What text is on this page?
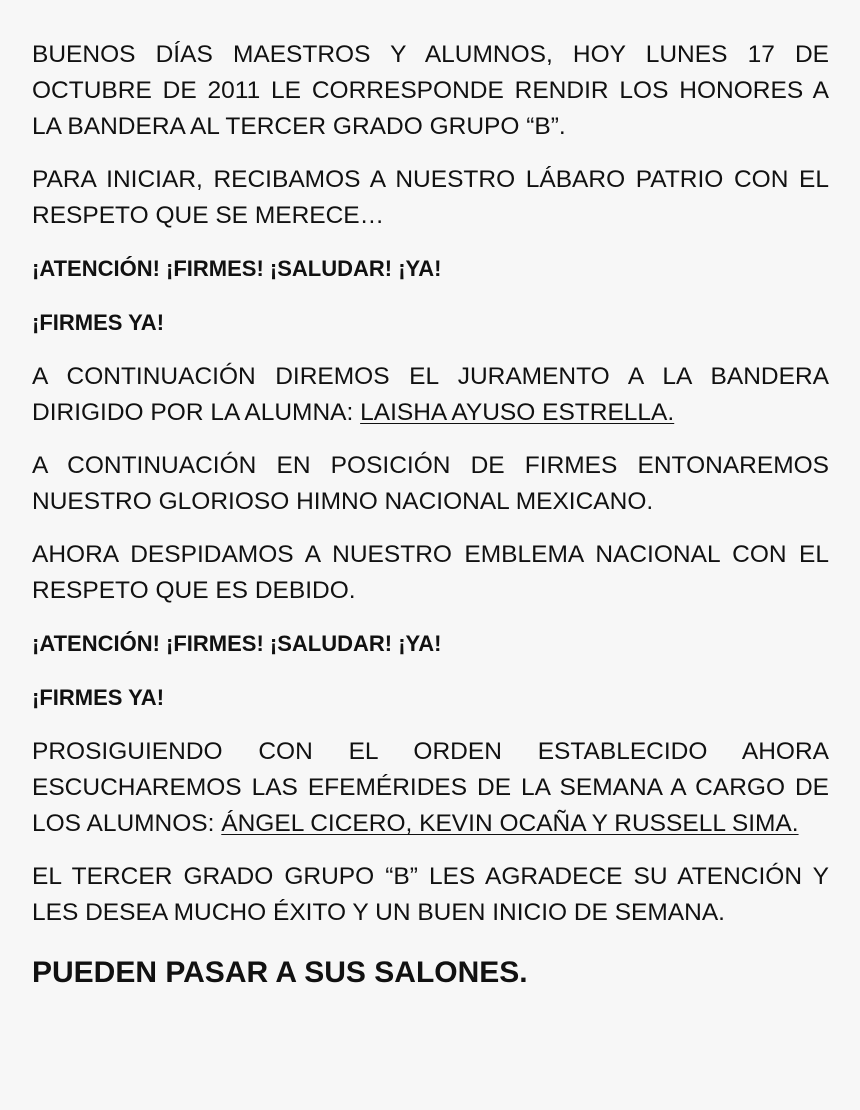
BUENOS DÍAS MAESTROS Y ALUMNOS, HOY LUNES 17 DE OCTUBRE DE 2011 LE CORRESPONDE RENDIR LOS HONORES A LA BANDERA AL TERCER GRADO GRUPO “B”.

PARA INICIAR, RECIBAMOS A NUESTRO LÁBARO PATRIO CON EL RESPETO QUE SE MERECE…

¡ATENCIÓN! ¡FIRMES! ¡SALUDAR! ¡YA!

¡FIRMES YA!

A CONTINUACIÓN DIREMOS EL JURAMENTO A LA BANDERA DIRIGIDO POR LA ALUMNA: LAISHA AYUSO ESTRELLA.

A CONTINUACIÓN EN POSICIÓN DE FIRMES ENTONAREMOS NUESTRO GLORIOSO HIMNO NACIONAL MEXICANO.

AHORA DESPIDAMOS A NUESTRO EMBLEMA NACIONAL CON EL RESPETO QUE ES DEBIDO.

¡ATENCIÓN! ¡FIRMES! ¡SALUDAR! ¡YA!

¡FIRMES YA!

PROSIGUIENDO CON EL ORDEN ESTABLECIDO AHORA ESCUCHAREMOS LAS EFEMÉRIDES DE LA SEMANA A CARGO DE LOS ALUMNOS: ÁNGEL CICERO, KEVIN OCAÑA Y RUSSELL SIMA.

EL TERCER GRADO GRUPO “B” LES AGRADECE SU ATENCIÓN Y LES DESEA MUCHO ÉXITO Y UN BUEN INICIO DE SEMANA.

PUEDEN PASAR A SUS SALONES.
